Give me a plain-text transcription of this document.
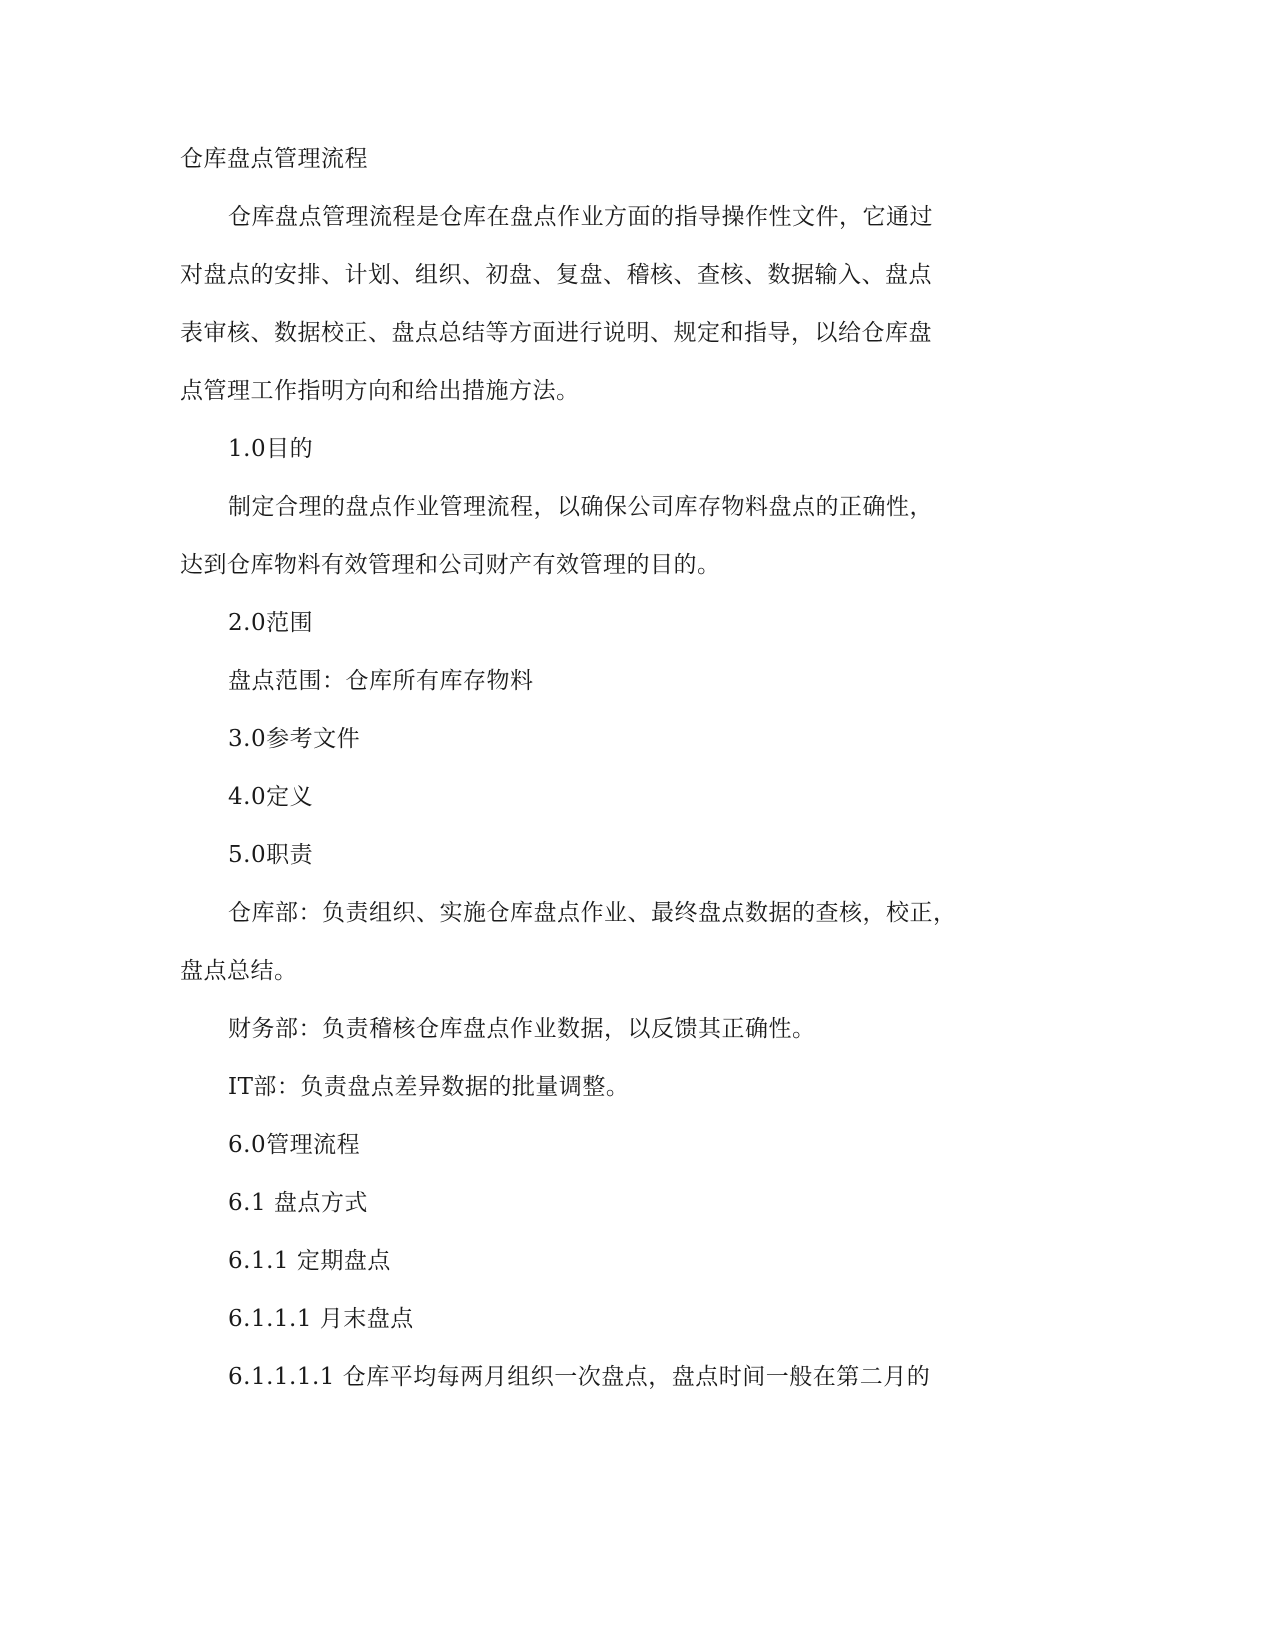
仓库盘点管理流程
仓库盘点管理流程是仓库在盘点作业方面的指导操作性文件，它通过
对盘点的安排、计划、组织、初盘、复盘、稽核、查核、数据输入、盘点
表审核、数据校正、盘点总结等方面进行说明、规定和指导，以给仓库盘
点管理工作指明方向和给出措施方法。
1.0目的
制定合理的盘点作业管理流程，以确保公司库存物料盘点的正确性，
达到仓库物料有效管理和公司财产有效管理的目的。
2.0范围
盘点范围：仓库所有库存物料
3.0参考文件
4.0定义
5.0职责
仓库部：负责组织、实施仓库盘点作业、最终盘点数据的查核，校正，
盘点总结。
财务部：负责稽核仓库盘点作业数据，以反馈其正确性。
IT部：负责盘点差异数据的批量调整。
6.0管理流程
6.1 盘点方式
6.1.1 定期盘点
6.1.1.1 月末盘点
6.1.1.1.1 仓库平均每两月组织一次盘点，盘点时间一般在第二月的
